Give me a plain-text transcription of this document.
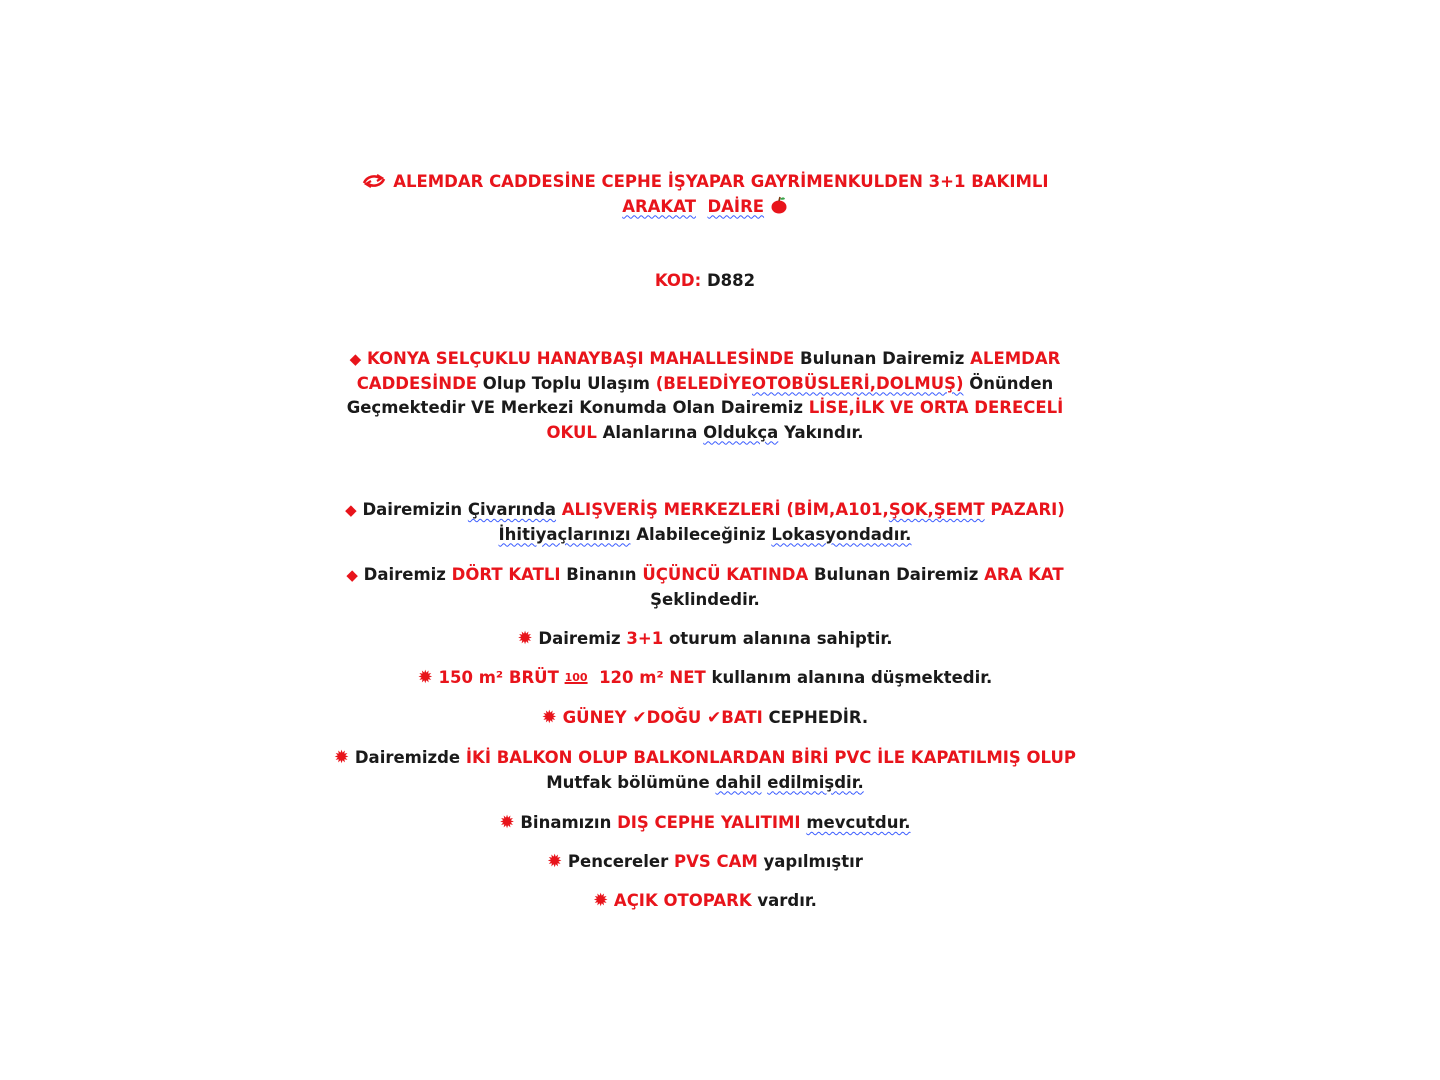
ALEMDAR CADDESİNE CEPHE İŞYAPAR GAYRİMENKULDEN 3+1 BAKIMLI
ARAKAT DAİRE

KOD: D882

◆ KONYA SELÇUKLU HANAYBAŞI MAHALLESİNDE Bulunan Dairemiz ALEMDAR CADDESİNDE Olup Toplu Ulaşım (BELEDİYEOTOBÜSLERİ,DOLMUŞ) Önünden Geçmektedir VE Merkezi Konumda Olan Dairemiz LİSE,İLK VE ORTA DERECELİ OKUL Alanlarına Oldukça Yakındır.

◆ Dairemizin Çivarında ALIŞVERİŞ MERKEZLERİ (BİM,A101,ŞOK,ŞEMT PAZARI)
İhitiyaçlarınızı Alabileceğiniz Lokasyondadır.

◆ Dairemiz DÖRT KATLI Binanın ÜÇÜNCÜ KATINDA Bulunan Dairemiz ARA KAT Şeklindedir.

✹ Dairemiz 3+1 oturum alanına sahiptir.

✹ 150 m² BRÜT 100 120 m² NET kullanım alanına düşmektedir.

✹ GÜNEY ✔DOĞU ✔BATI CEPHEDİR.

✹ Dairemizde İKİ BALKON OLUP BALKONLARDAN BİRİ PVC İLE KAPATILMIŞ OLUP Mutfak bölümüne dahil edilmişdir.

✹ Binamızın DIŞ CEPHE YALITIMI mevcutdur.

✹ Pencereler PVS CAM yapılmıştır

✹ AÇIK OTOPARK vardır.
